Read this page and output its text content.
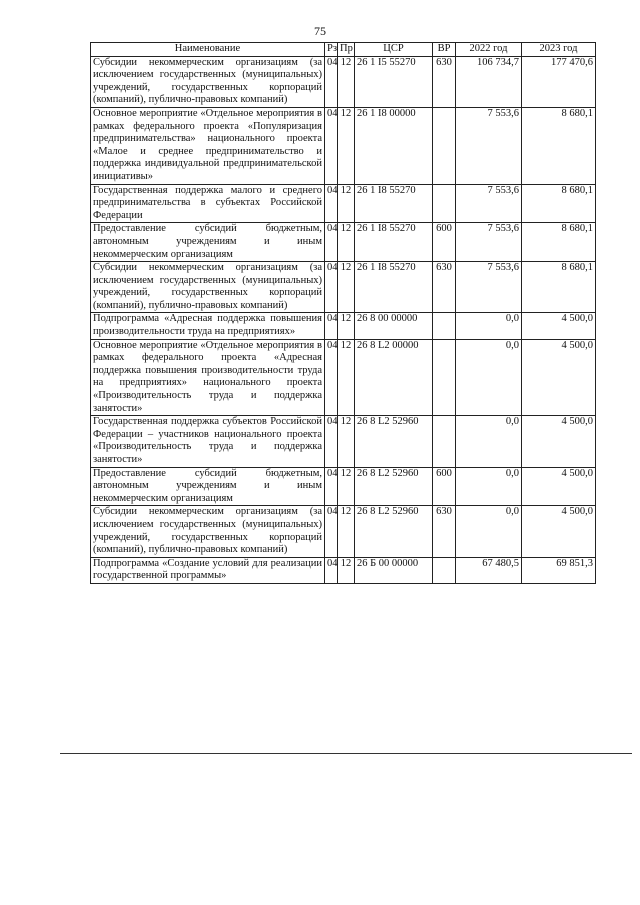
75
Наименование	Рз	Пр	ЦСР	ВР	2022 год	2023 год
Субсидии некоммерческим организациям (за исключением государственных (муниципальных) учреждений, государственных корпораций (компаний), публично-правовых компаний)	04	12	26 1 I5 55270	630	106 734,7	177 470,6
Основное мероприятие «Отдельное мероприятия в рамках федерального проекта «Популяризация предпринимательства» национального проекта «Малое и среднее предпринимательство и поддержка индивидуальной предпринимательской инициативы»	04	12	26 1 I8 00000		7 553,6	8 680,1
Государственная поддержка малого и среднего предпринимательства в субъектах Российской Федерации	04	12	26 1 I8 55270		7 553,6	8 680,1
Предоставление субсидий бюджетным, автономным учреждениям и иным некоммерческим организациям	04	12	26 1 I8 55270	600	7 553,6	8 680,1
Субсидии некоммерческим организациям (за исключением государственных (муниципальных) учреждений, государственных корпораций (компаний), публично-правовых компаний)	04	12	26 1 I8 55270	630	7 553,6	8 680,1
Подпрограмма «Адресная поддержка повышения производительности труда на предприятиях»	04	12	26 8 00 00000		0,0	4 500,0
Основное мероприятие «Отдельное мероприятия в рамках федерального проекта «Адресная поддержка повышения производительности труда на предприятиях» национального проекта «Производительность труда и поддержка занятости»	04	12	26 8 L2 00000		0,0	4 500,0
Государственная поддержка субъектов Российской Федерации – участников национального проекта «Производительность труда и поддержка занятости»	04	12	26 8 L2 52960		0,0	4 500,0
Предоставление субсидий бюджетным, автономным учреждениям и иным некоммерческим организациям	04	12	26 8 L2 52960	600	0,0	4 500,0
Субсидии некоммерческим организациям (за исключением государственных (муниципальных) учреждений, государственных корпораций (компаний), публично-правовых компаний)	04	12	26 8 L2 52960	630	0,0	4 500,0
Подпрограмма «Создание условий для реализации государственной программы»	04	12	26 Б 00 00000		67 480,5	69 851,3
